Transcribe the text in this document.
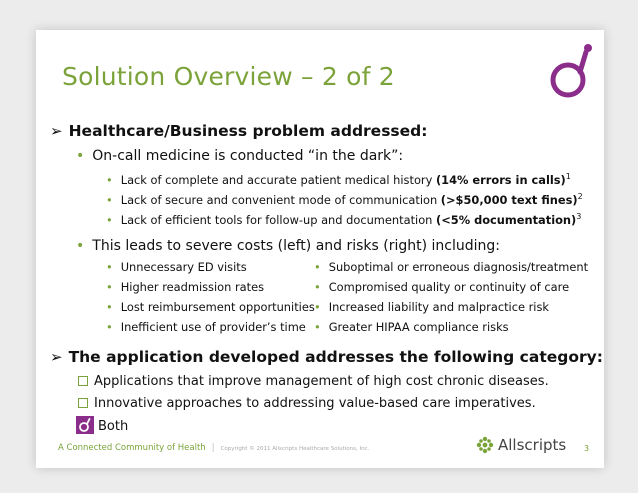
Solution Overview – 2 of 2
➢ Healthcare/Business problem addressed:
• On-call medicine is conducted “in the dark”:
• Lack of complete and accurate patient medical history (14% errors in calls)$^1$
• Lack of secure and convenient mode of communication (>$50,000 text fines)$^2$
• Lack of efficient tools for follow-up and documentation (<5% documentation)$^3$
• This leads to severe costs (left) and risks (right) including:
• Unnecessary ED visits
• Higher readmission rates
• Lost reimbursement opportunities
• Inefficient use of provider’s time
• Suboptimal or erroneous diagnosis/treatment
• Compromised quality or continuity of care
• Increased liability and malpractice risk
• Greater HIPAA compliance risks
➢ The application developed addresses the following category:
Applications that improve management of high cost chronic diseases.
Innovative approaches to addressing value-based care imperatives.
Both
A Connected Community of Health | Copyright © 2011 Allscripts Healthcare Solutions, Inc.	Allscripts 3
